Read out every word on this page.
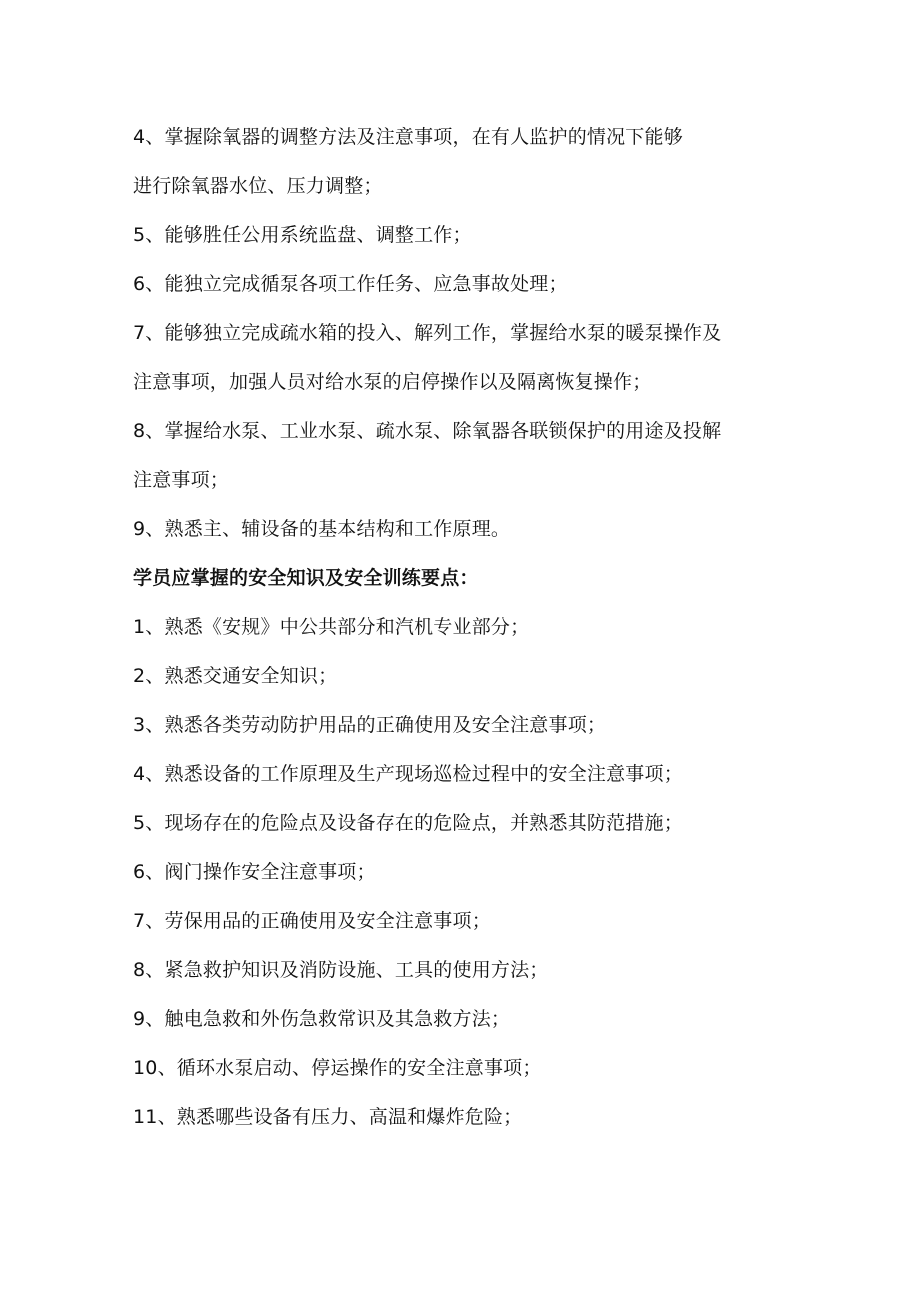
4、掌握除氧器的调整方法及注意事项，在有人监护的情况下能够
进行除氧器水位、压力调整；
5、能够胜任公用系统监盘、调整工作；
6、能独立完成循泵各项工作任务、应急事故处理；
7、能够独立完成疏水箱的投入、解列工作，掌握给水泵的暖泵操作及
注意事项，加强人员对给水泵的启停操作以及隔离恢复操作；
8、掌握给水泵、工业水泵、疏水泵、除氧器各联锁保护的用途及投解
注意事项；
9、熟悉主、辅设备的基本结构和工作原理。
学员应掌握的安全知识及安全训练要点：
1、熟悉《安规》中公共部分和汽机专业部分；
2、熟悉交通安全知识；
3、熟悉各类劳动防护用品的正确使用及安全注意事项；
4、熟悉设备的工作原理及生产现场巡检过程中的安全注意事项；
5、现场存在的危险点及设备存在的危险点，并熟悉其防范措施；
6、阀门操作安全注意事项；
7、劳保用品的正确使用及安全注意事项；
8、紧急救护知识及消防设施、工具的使用方法；
9、触电急救和外伤急救常识及其急救方法；
10、循环水泵启动、停运操作的安全注意事项；
11、熟悉哪些设备有压力、高温和爆炸危险；
